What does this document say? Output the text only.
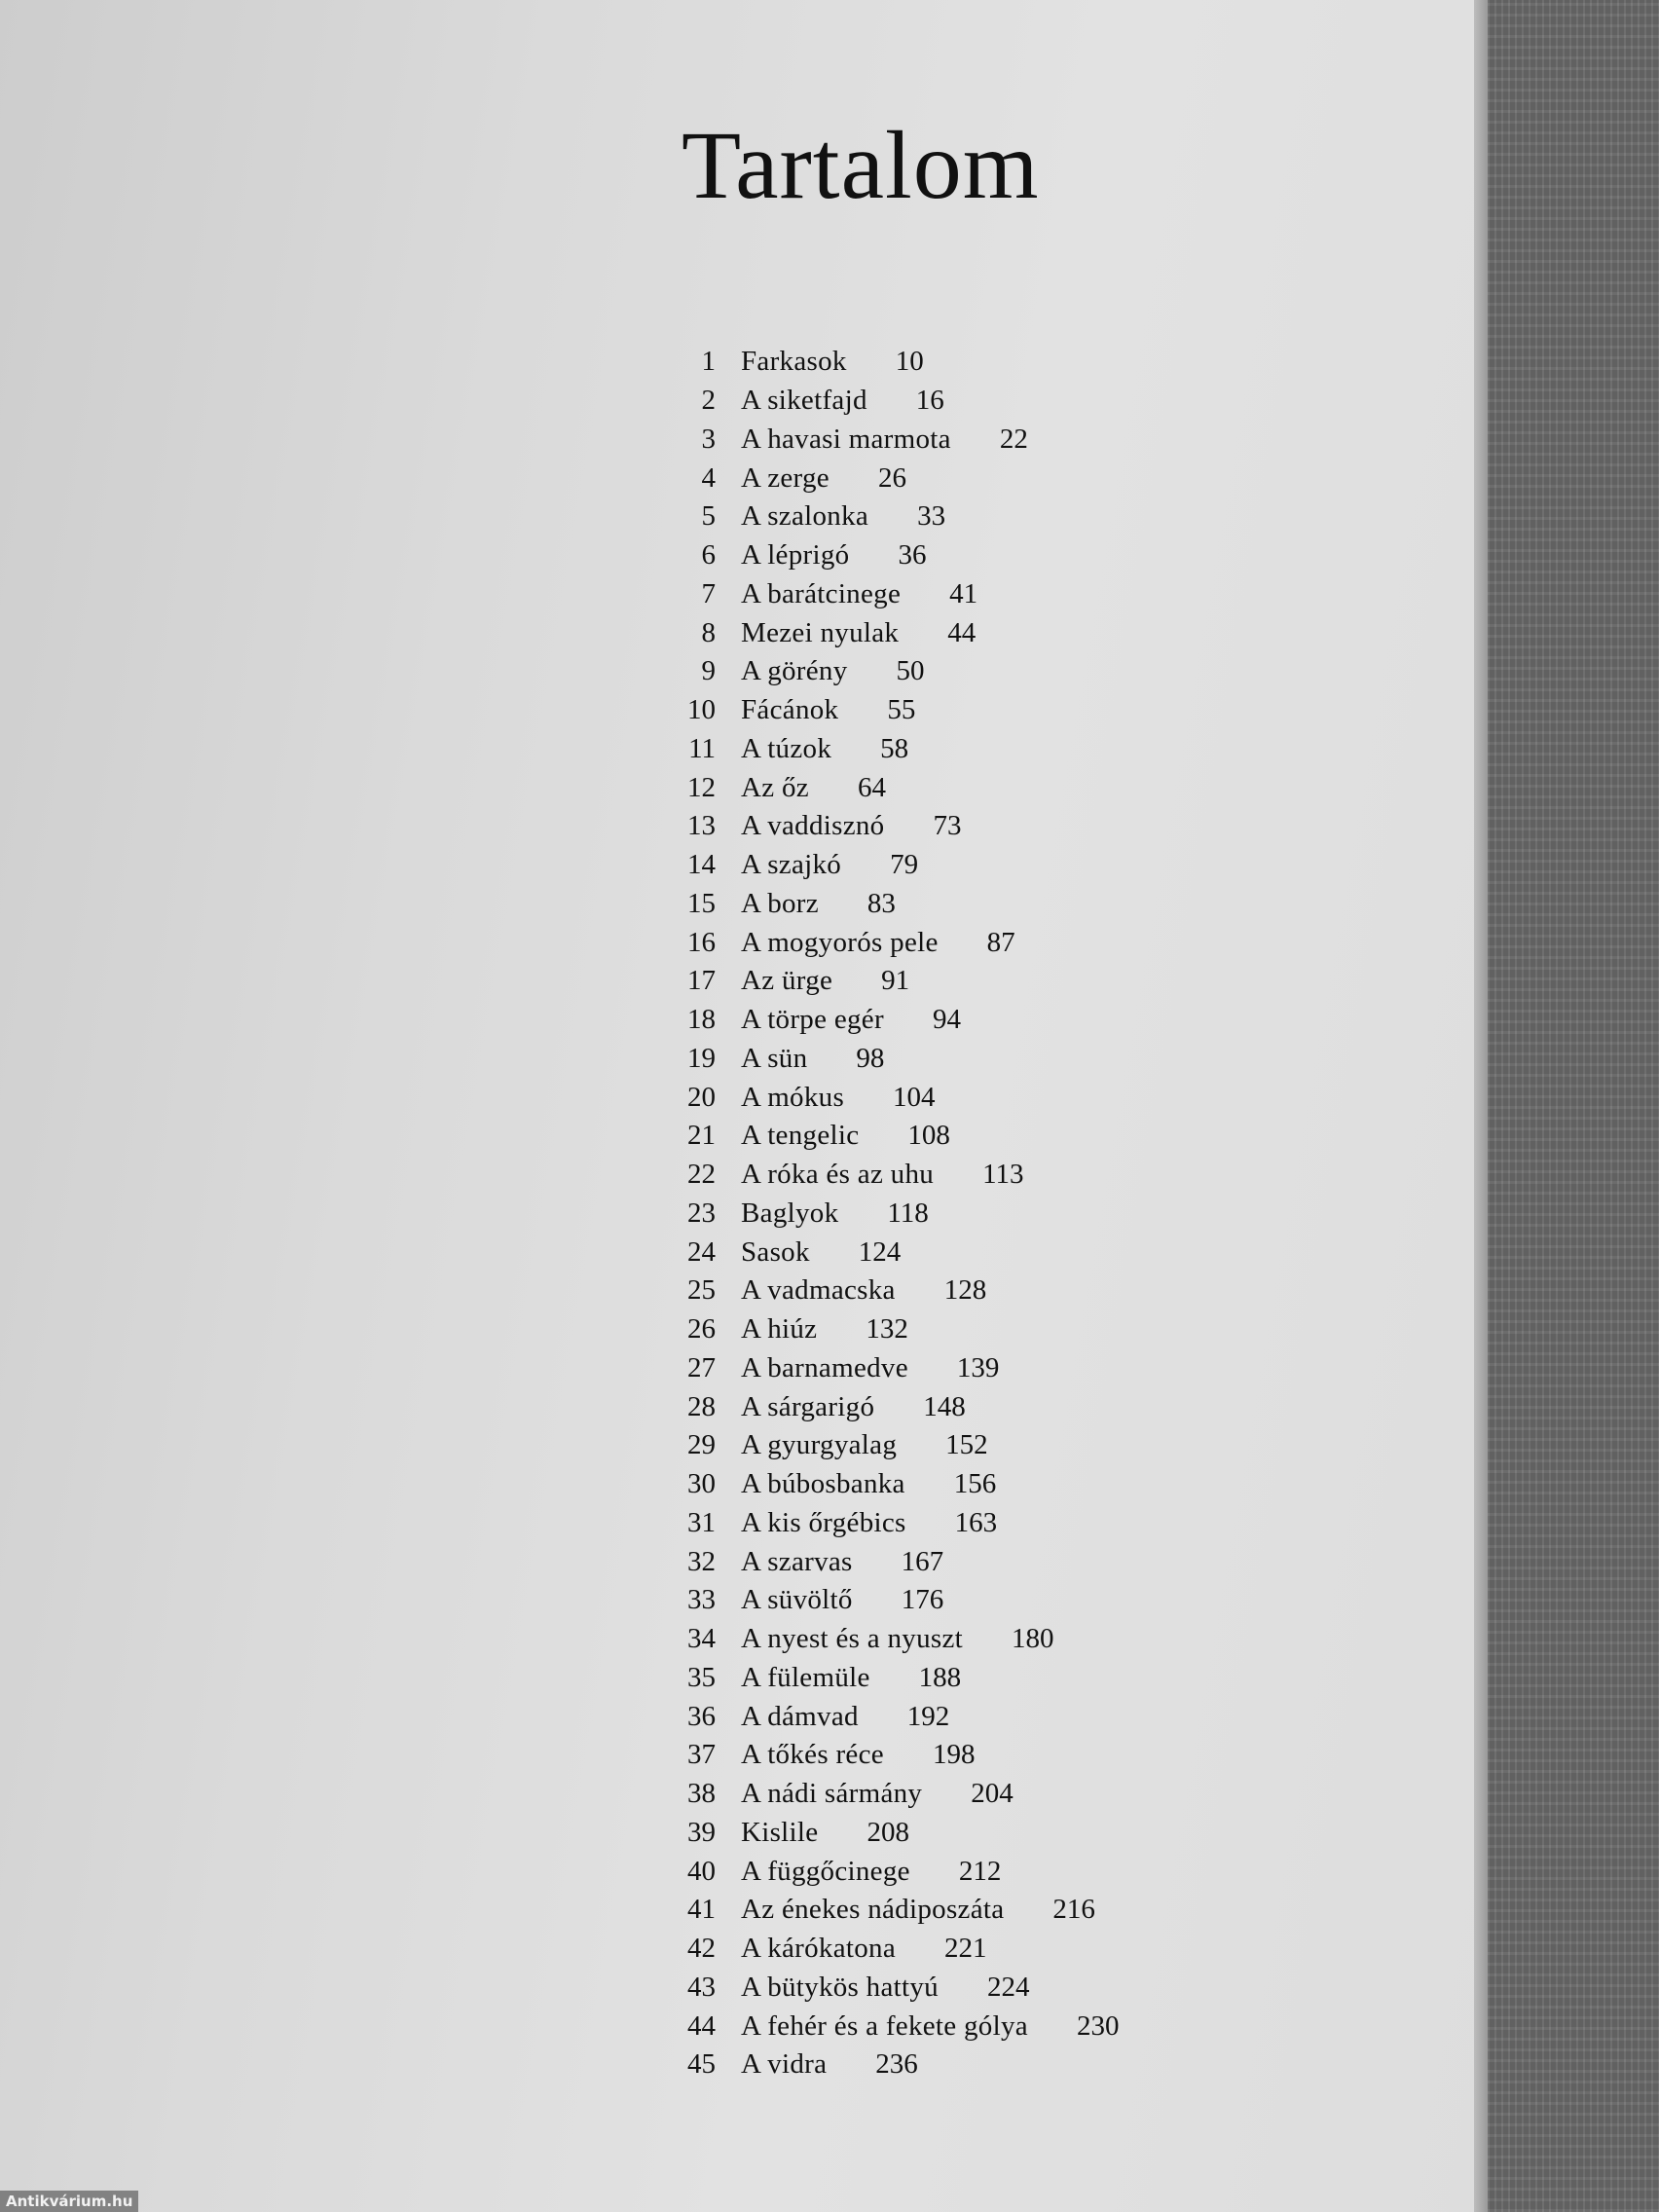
Tartalom
1 Farkasok 10
2 A siketfajd 16
3 A havasi marmota 22
4 A zerge 26
5 A szalonka 33
6 A léprigó 36
7 A barátcinege 41
8 Mezei nyulak 44
9 A görény 50
10 Fácánok 55
11 A túzok 58
12 Az őz 64
13 A vaddisznó 73
14 A szajkó 79
15 A borz 83
16 A mogyorós pele 87
17 Az ürge 91
18 A törpe egér 94
19 A sün 98
20 A mókus 104
21 A tengelic 108
22 A róka és az uhu 113
23 Baglyok 118
24 Sasok 124
25 A vadmacska 128
26 A hiúz 132
27 A barnamedve 139
28 A sárgarigó 148
29 A gyurgyalag 152
30 A búbosbanka 156
31 A kis őrgébics 163
32 A szarvas 167
33 A süvöltő 176
34 A nyest és a nyuszt 180
35 A fülemüle 188
36 A dámvad 192
37 A tőkés réce 198
38 A nádi sármány 204
39 Kislile 208
40 A függőcinege 212
41 Az énekes nádiposzáta 216
42 A kárókatona 221
43 A bütykös hattyú 224
44 A fehér és a fekete gólya 230
45 A vidra 236
Antikvárium.hu
